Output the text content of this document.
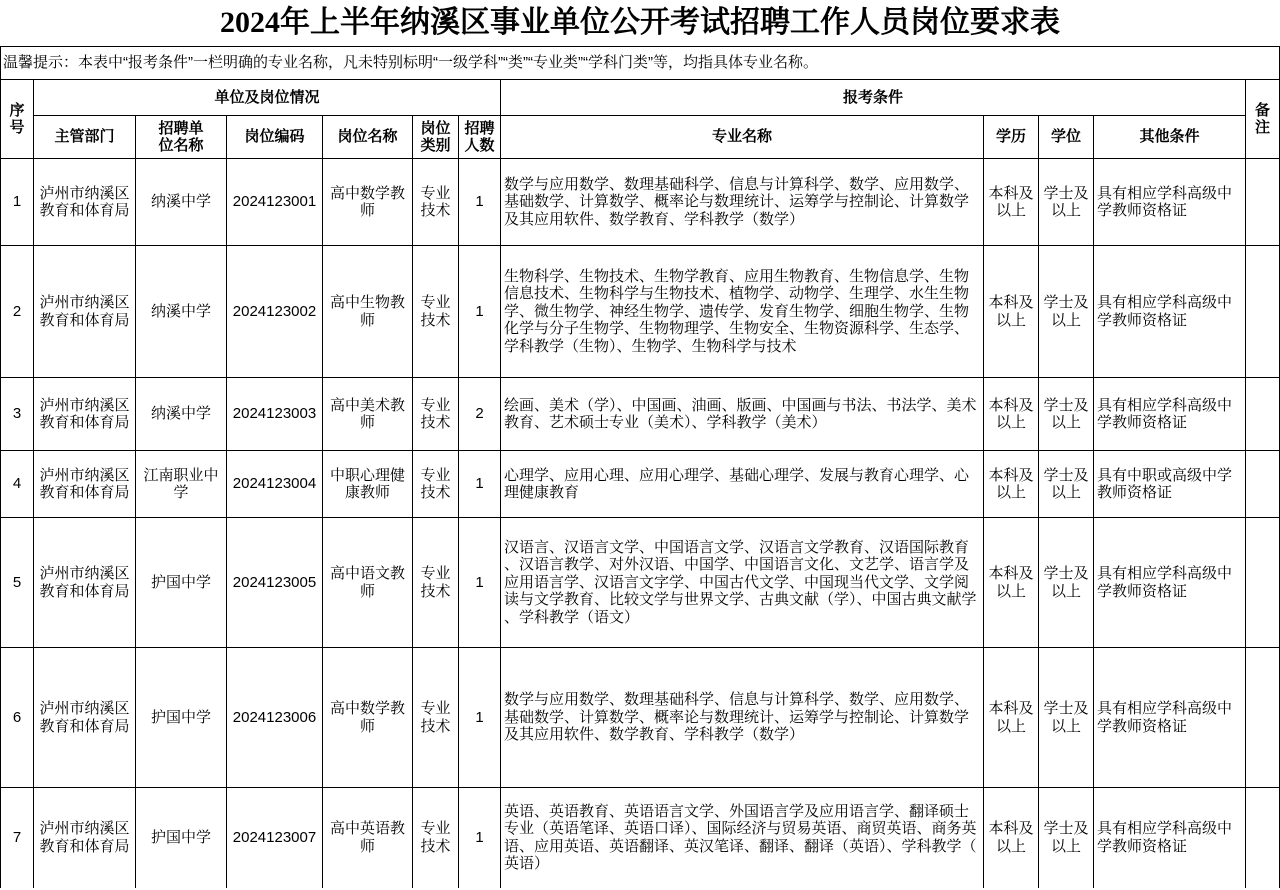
2024年上半年纳溪区事业单位公开考试招聘工作人员岗位要求表
温馨提示：本表中“报考条件”一栏明确的专业名称，凡未特别标明“一级学科”“类”“专业类”“学科门类”等，均指具体专业名称。											
序号	单位及岗位情况						报考条件				备注
	主管部门	招聘单位名称	岗位编码	岗位名称	岗位类别	招聘人数	专业名称	学历	学位	其他条件	
1	泸州市纳溪区教育和体育局	纳溪中学	2024123001	高中数学教师	专业技术	1	数学与应用数学、数理基础科学、信息与计算科学、数学、应用数学、基础数学、计算数学、概率论与数理统计、运筹学与控制论、计算数学及其应用软件、数学教育、学科教学（数学）	本科及以上	学士及以上	具有相应学科高级中学教师资格证	
2	泸州市纳溪区教育和体育局	纳溪中学	2024123002	高中生物教师	专业技术	1	生物科学、生物技术、生物学教育、应用生物教育、生物信息学、生物信息技术、生物科学与生物技术、植物学、动物学、生理学、水生生物学、微生物学、神经生物学、遗传学、发育生物学、细胞生物学、生物化学与分子生物学、生物物理学、生物安全、生物资源科学、生态学、学科教学（生物）、生物学、生物科学与技术	本科及以上	学士及以上	具有相应学科高级中学教师资格证	
3	泸州市纳溪区教育和体育局	纳溪中学	2024123003	高中美术教师	专业技术	2	绘画、美术（学）、中国画、油画、版画、中国画与书法、书法学、美术教育、艺术硕士专业（美术）、学科教学（美术）	本科及以上	学士及以上	具有相应学科高级中学教师资格证	
4	泸州市纳溪区教育和体育局	江南职业中学	2024123004	中职心理健康教师	专业技术	1	心理学、应用心理、应用心理学、基础心理学、发展与教育心理学、心理健康教育	本科及以上	学士及以上	具有中职或高级中学教师资格证	
5	泸州市纳溪区教育和体育局	护国中学	2024123005	高中语文教师	专业技术	1	汉语言、汉语言文学、中国语言文学、汉语言文学教育、汉语国际教育、汉语言教学、对外汉语、中国学、中国语言文化、文艺学、语言学及应用语言学、汉语言文字学、中国古代文学、中国现当代文学、文学阅读与文学教育、比较文学与世界文学、古典文献（学）、中国古典文献学、学科教学（语文）	本科及以上	学士及以上	具有相应学科高级中学教师资格证	
6	泸州市纳溪区教育和体育局	护国中学	2024123006	高中数学教师	专业技术	1	数学与应用数学、数理基础科学、信息与计算科学、数学、应用数学、基础数学、计算数学、概率论与数理统计、运筹学与控制论、计算数学及其应用软件、数学教育、学科教学（数学）	本科及以上	学士及以上	具有相应学科高级中学教师资格证	
7	泸州市纳溪区教育和体育局	护国中学	2024123007	高中英语教师	专业技术	1	英语、英语教育、英语语言文学、外国语言学及应用语言学、翻译硕士专业（英语笔译、英语口译）、国际经济与贸易英语、商贸英语、商务英语、应用英语、英语翻译、英汉笔译、翻译、翻译（英语）、学科教学（英语）	本科及以上	学士及以上	具有相应学科高级中学教师资格证	
